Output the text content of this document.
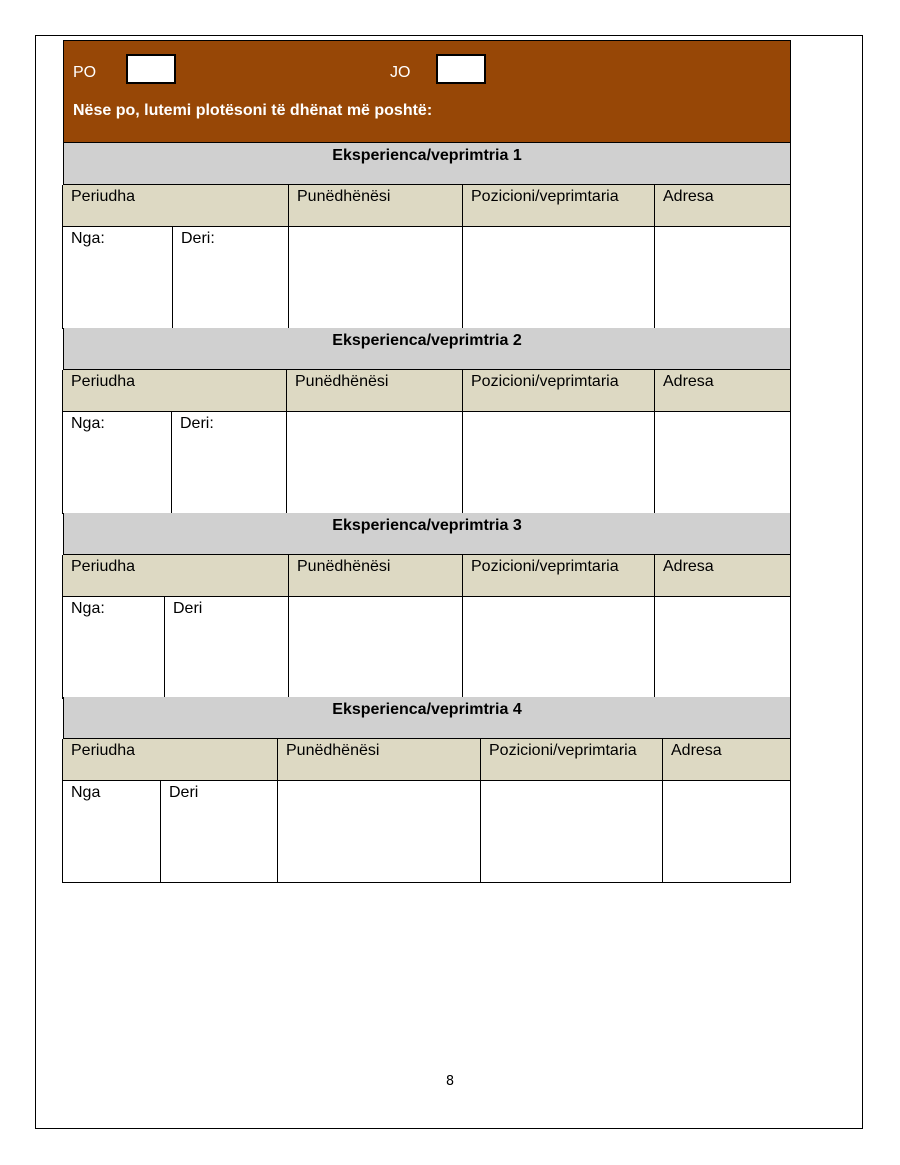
PO	JO
Nëse po, lutemi plotësoni të dhënat më poshtë:
Eksperienca/veprimtria 1
Periudha	Punëdhënësi	Pozicioni/veprimtaria	Adresa
Nga:	Deri:
Eksperienca/veprimtria 2
Periudha	Punëdhënësi	Pozicioni/veprimtaria	Adresa
Nga:	Deri:
Eksperienca/veprimtria 3
Periudha	Punëdhënësi	Pozicioni/veprimtaria	Adresa
Nga:	Deri
Eksperienca/veprimtria 4
Periudha	Punëdhënësi	Pozicioni/veprimtaria	Adresa
Nga	Deri
8
